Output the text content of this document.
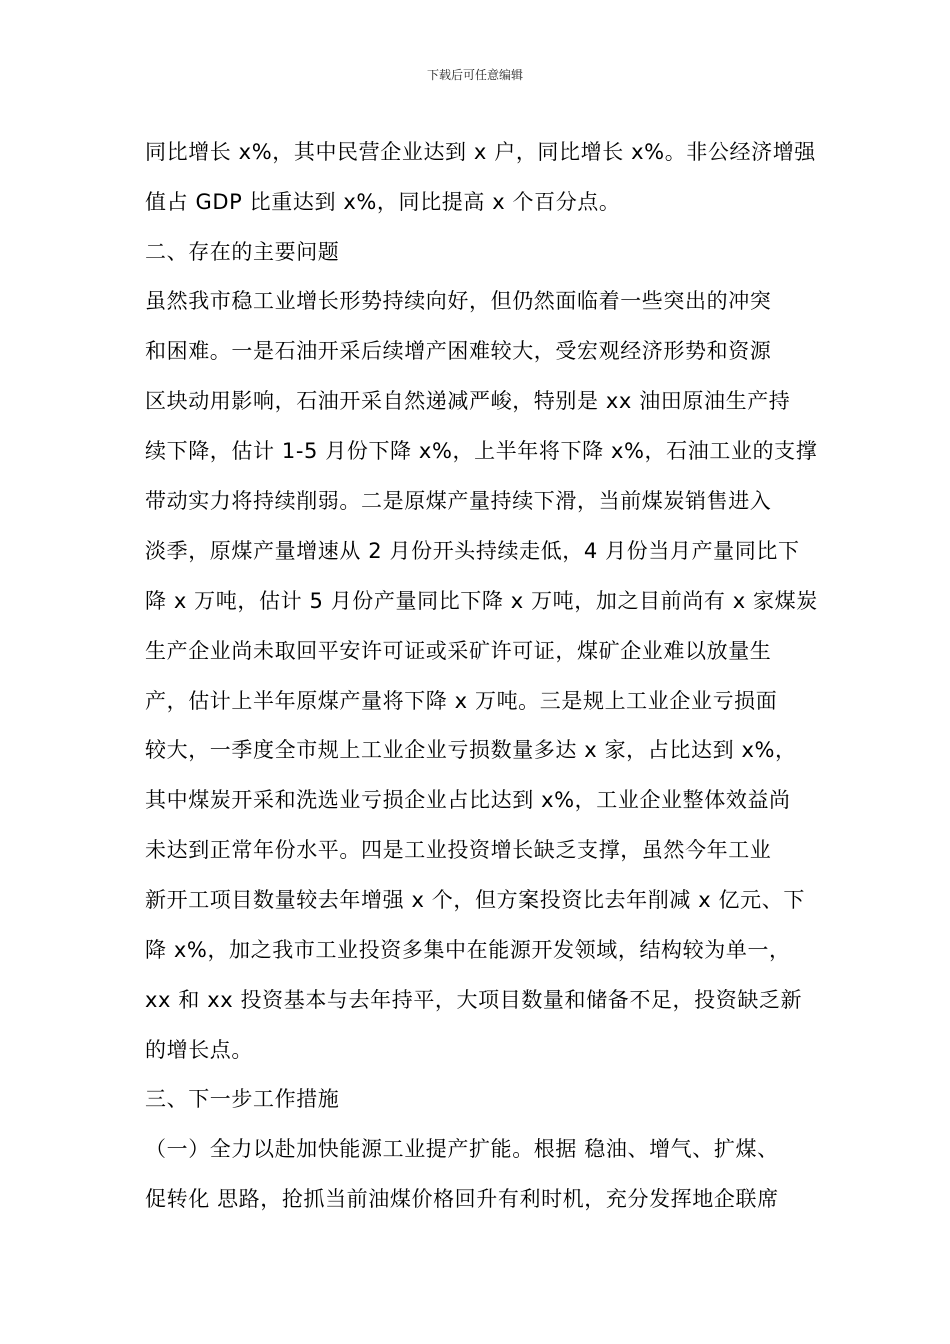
下载后可任意编辑
同比增长 x%，其中民营企业达到 x 户，同比增长 x%。非公经济增强
值占 GDP 比重达到 x%，同比提高 x 个百分点。
二、存在的主要问题
虽然我市稳工业增长形势持续向好，但仍然面临着一些突出的冲突
和困难。一是石油开采后续增产困难较大，受宏观经济形势和资源
区块动用影响，石油开采自然递减严峻，特别是 xx 油田原油生产持
续下降，估计 1-5 月份下降 x%，上半年将下降 x%，石油工业的支撑
带动实力将持续削弱。二是原煤产量持续下滑，当前煤炭销售进入
淡季，原煤产量增速从 2 月份开头持续走低，4 月份当月产量同比下
降 x 万吨，估计 5 月份产量同比下降 x 万吨，加之目前尚有 x 家煤炭
生产企业尚未取回平安许可证或采矿许可证，煤矿企业难以放量生
产，估计上半年原煤产量将下降 x 万吨。三是规上工业企业亏损面
较大，一季度全市规上工业企业亏损数量多达 x 家，占比达到 x%，
其中煤炭开采和洗选业亏损企业占比达到 x%，工业企业整体效益尚
未达到正常年份水平。四是工业投资增长缺乏支撑，虽然今年工业
新开工项目数量较去年增强 x 个，但方案投资比去年削减 x 亿元、下
降 x%，加之我市工业投资多集中在能源开发领域，结构较为单一，
xx 和 xx 投资基本与去年持平，大项目数量和储备不足，投资缺乏新
的增长点。
三、下一步工作措施
（一）全力以赴加快能源工业提产扩能。根据 稳油、增气、扩煤、
促转化 思路，抢抓当前油煤价格回升有利时机，充分发挥地企联席
